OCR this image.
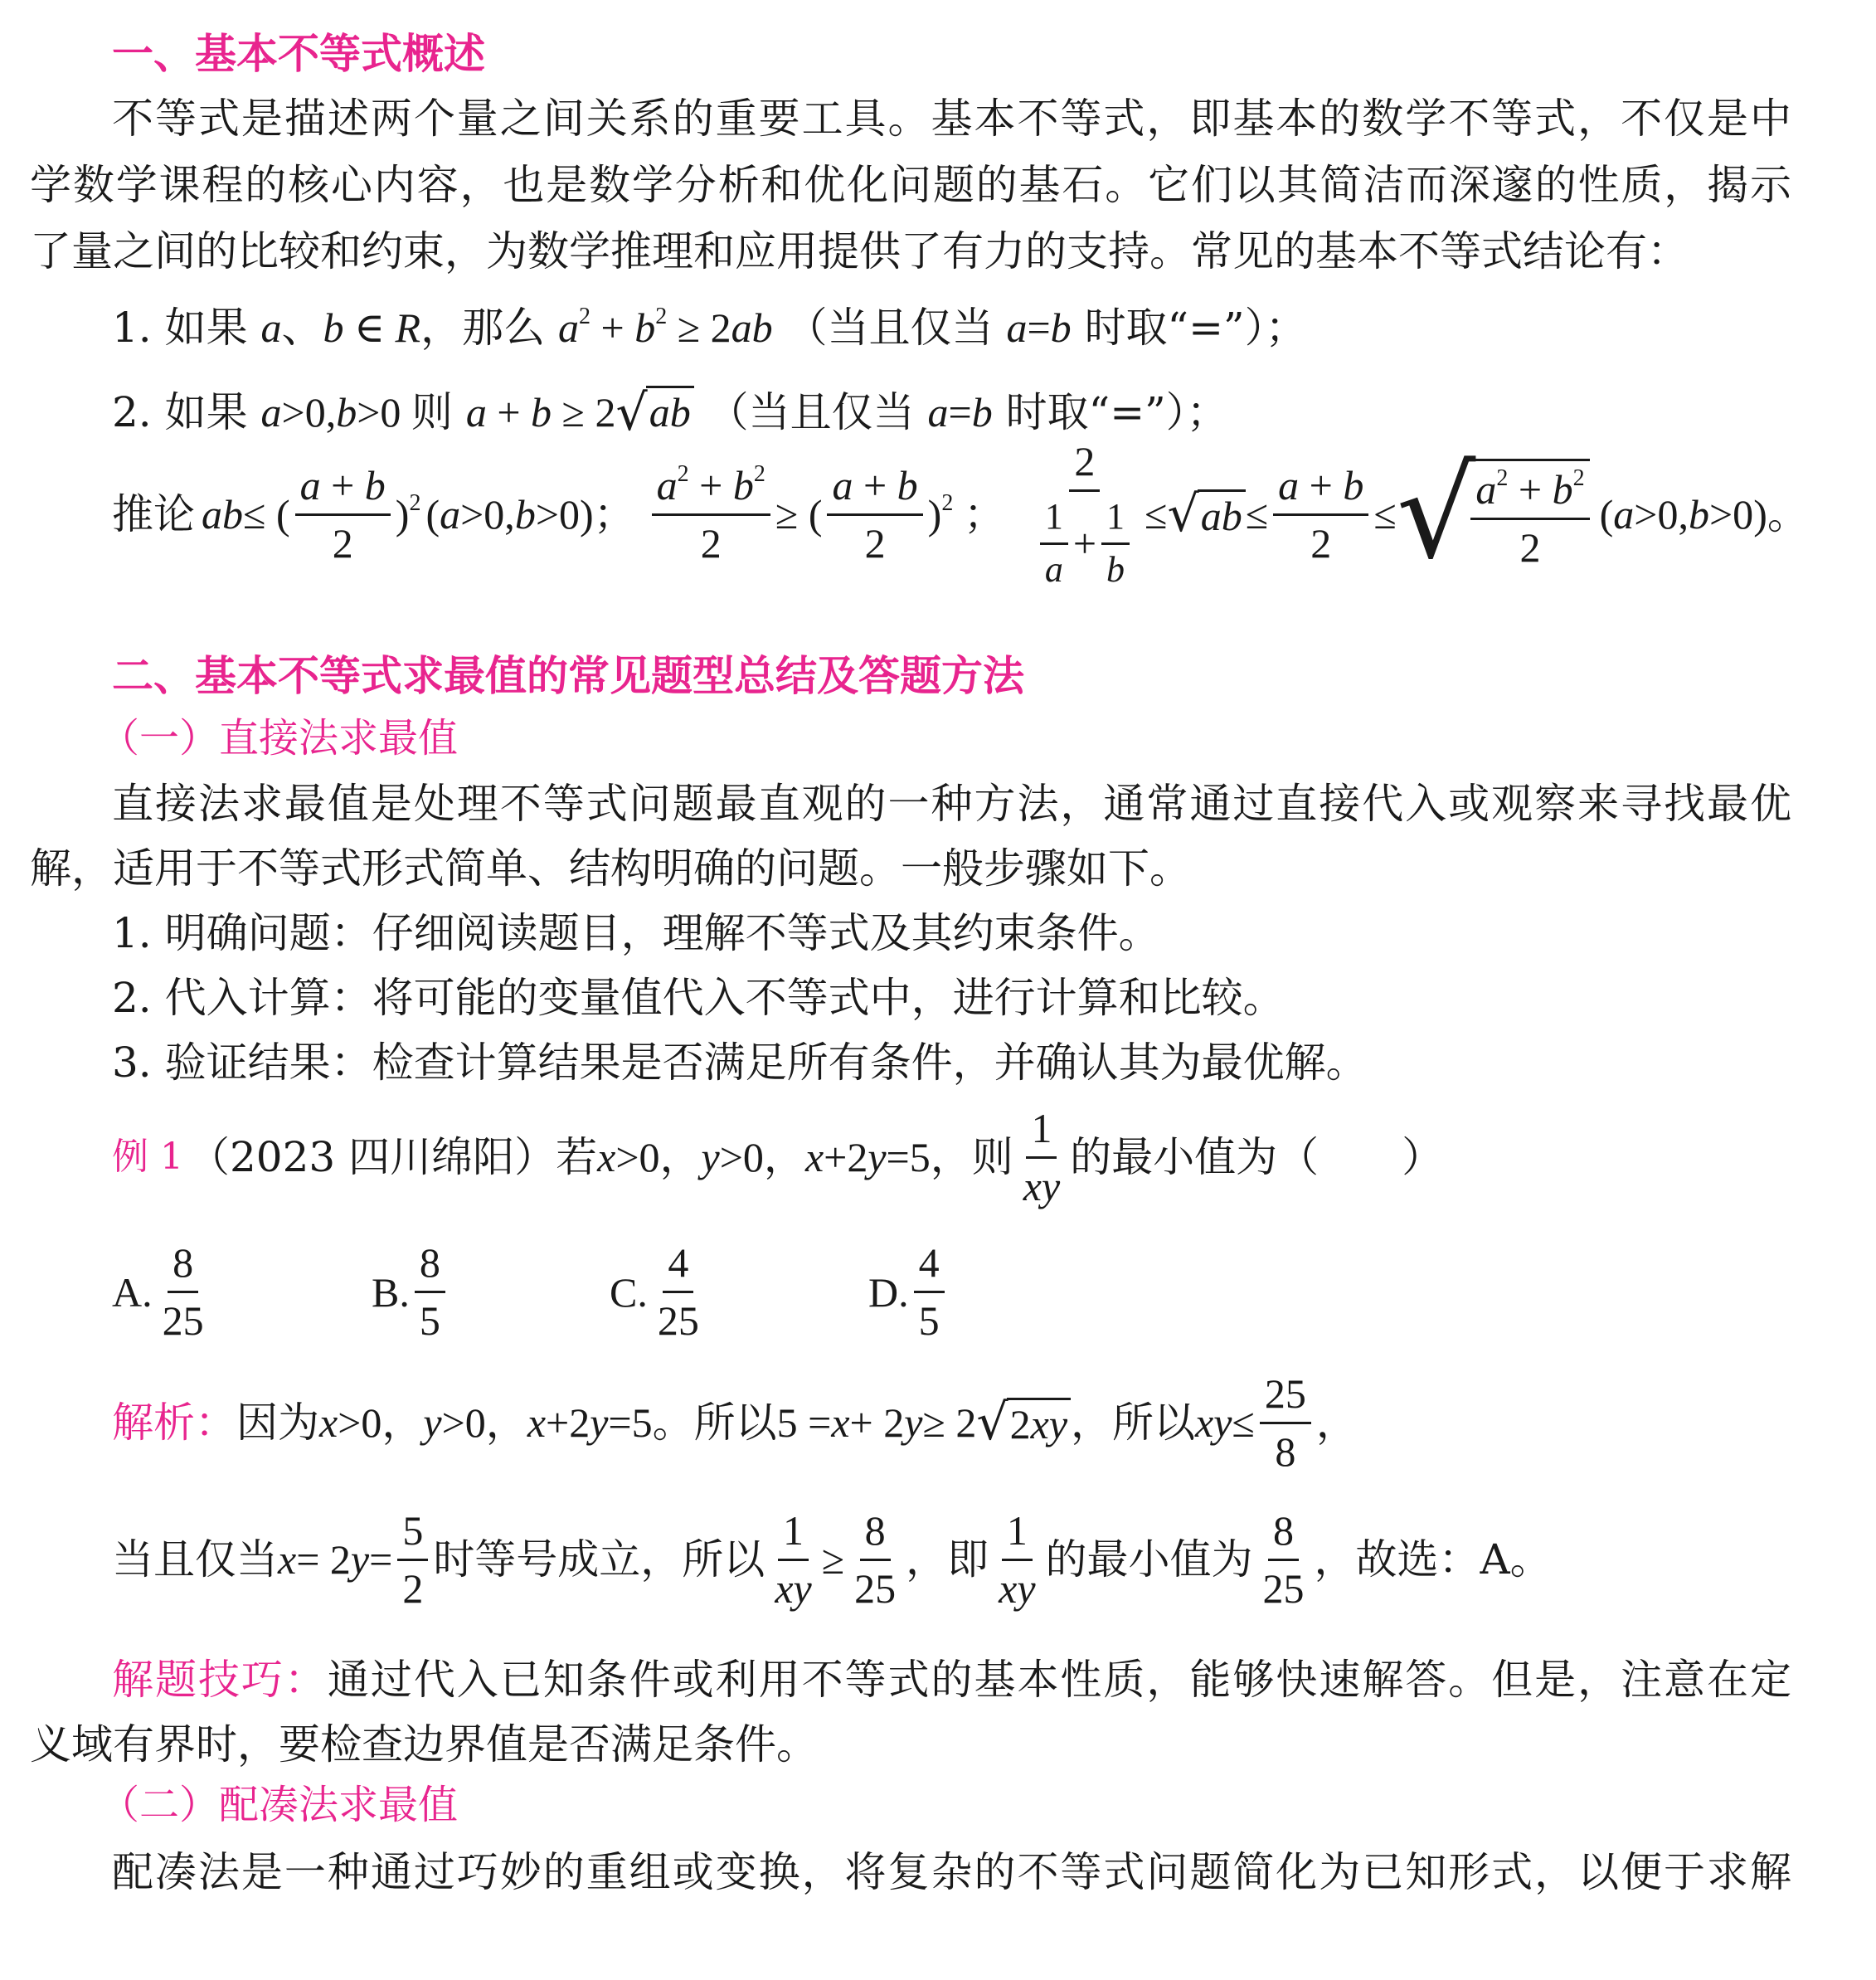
一、基本不等式概述
不等式是描述两个量之间关系的重要工具。基本不等式，即基本的数学不等式，不仅是中
学数学课程的核心内容，也是数学分析和优化问题的基石。它们以其简洁而深邃的性质，揭示
了量之间的比较和约束，为数学推理和应用提供了有力的支持。常见的基本不等式结论有：
1. 如果 a、b ∈ R，那么 $a^2 + b^2 \ge 2ab$ （当且仅当 a=b 时取“=”）；
2. 如果 a>0,b>0 则 a + b ≥ 2√ab （当且仅当 a=b 时取“=”）；
推论 ab ≤ ( $\frac{a + b}{2} )^2$ ( a >0, b >0 )； $\frac{a^2 + b^2}{2}$ ≥ ( $\frac{a + b}{2} )^2$ ； $\frac{2}{\frac{1}{a} + \frac{1}{b}}$ ≤ √ ab ≤ $\frac{a + b}{2}$ ≤ √
$\frac{a^2 + b^2}{2}$ ( a >0, b >0 )。
二、基本不等式求最值的常见题型总结及答题方法
（一）直接法求最值
直接法求最值是处理不等式问题最直观的一种方法，通常通过直接代入或观察来寻找最优
解，适用于不等式形式简单、结构明确的问题。一般步骤如下。
1. 明确问题：仔细阅读题目，理解不等式及其约束条件。
2. 代入计算：将可能的变量值代入不等式中，进行计算和比较。
3. 验证结果：检查计算结果是否满足所有条件，并确认其为最优解。
例 1 （2023 四川绵阳）若 x >0， y >0， x +2 y =5 ，则 $\frac{1}{xy}$ 的最小值为（　　）
A. $\frac{8}{25}$	B. $\frac{8}{5}$	C. $\frac{4}{25}$	D. $\frac{4}{5}$
解析： 因为 x >0， y >0， x +2 y =5 。所以 5 = x + 2 y ≥ 2 √ 2xy ，所以 xy ≤ $\frac{25}{8}$ ，
当且仅当 x = 2 $y = \frac{5}{2}$ 时等号成立，所以 $\frac{1}{xy} \ge \frac{8}{25}$ ，即 $\frac{1}{xy}$ 的最小值为 $\frac{8}{25}$ ，故选：A。
解题技巧：通过代入已知条件或利用不等式的基本性质，能够快速解答。但是，注意在定
义域有界时，要检查边界值是否满足条件。
（二）配凑法求最值
配凑法是一种通过巧妙的重组或变换，将复杂的不等式问题简化为已知形式，以便于求解
